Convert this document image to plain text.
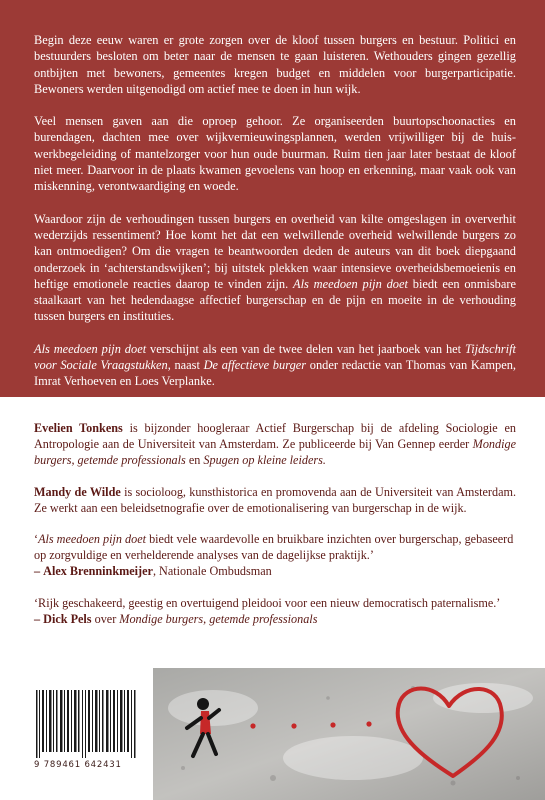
Begin deze eeuw waren er grote zorgen over de kloof tussen burgers en bestuur. Politici en bestuurders besloten om beter naar de mensen te gaan luisteren. Wethouders gingen gezellig ontbijten met bewoners, gemeentes kregen budget en middelen voor burgerparticipatie. Bewoners werden uitgenodigd om actief mee te doen in hun wijk.

Veel mensen gaven aan die oproep gehoor. Ze organiseerden buurtopschoonacties en burendagen, dachten mee over wijkvernieuwingsplannen, werden vrijwilliger bij de huiswerkbegeleiding of mantelzorger voor hun oude buurman. Ruim tien jaar later bestaat de kloof niet meer. Daarvoor in de plaats kwamen gevoelens van hoop en erkenning, maar vaak ook van miskenning, verontwaardiging en woede.

Waardoor zijn de verhoudingen tussen burgers en overheid van kilte omgeslagen in oververhit wederzijds ressentiment? Hoe komt het dat een welwillende overheid welwillende burgers zo kan ontmoedigen? Om die vragen te beantwoorden deden de auteurs van dit boek diepgaand onderzoek in ‘achterstandswijken’; bij uitstek plekken waar intensieve overheidsbemoeienis en heftige emotionele reacties daarop te vinden zijn. Als meedoen pijn doet biedt een onmisbare staalkaart van het hedendaagse affectief burgerschap en de pijn en moeite in de verhouding tussen burgers en instituties.

Als meedoen pijn doet verschijnt als een van de twee delen van het jaarboek van het Tijdschrift voor Sociale Vraagstukken, naast De affectieve burger onder redactie van Thomas van Kampen, Imrat Verhoeven en Loes Verplanke.

Evelien Tonkens is bijzonder hoogleraar Actief Burgerschap bij de afdeling Sociologie en Antropologie aan de Universiteit van Amsterdam. Ze publiceerde bij Van Gennep eerder Mondige burgers, getemde professionals en Spugen op kleine leiders.

Mandy de Wilde is socioloog, kunsthistorica en promovenda aan de Universiteit van Amsterdam. Ze werkt aan een beleidsetnografie over de emotionalisering van burgerschap in de wijk.

‘Als meedoen pijn doet biedt vele waardevolle en bruikbare inzichten over burgerschap, gebaseerd op zorgvuldige en verhelderende analyses van de dagelijkse praktijk.’
– Alex Brenninkmeijer, Nationale Ombudsman

‘Rijk geschakeerd, geestig en overtuigend pleidooi voor een nieuw democratisch paternalisme.’
– Dick Pels over Mondige burgers, getemde professionals

9 789461 642431
